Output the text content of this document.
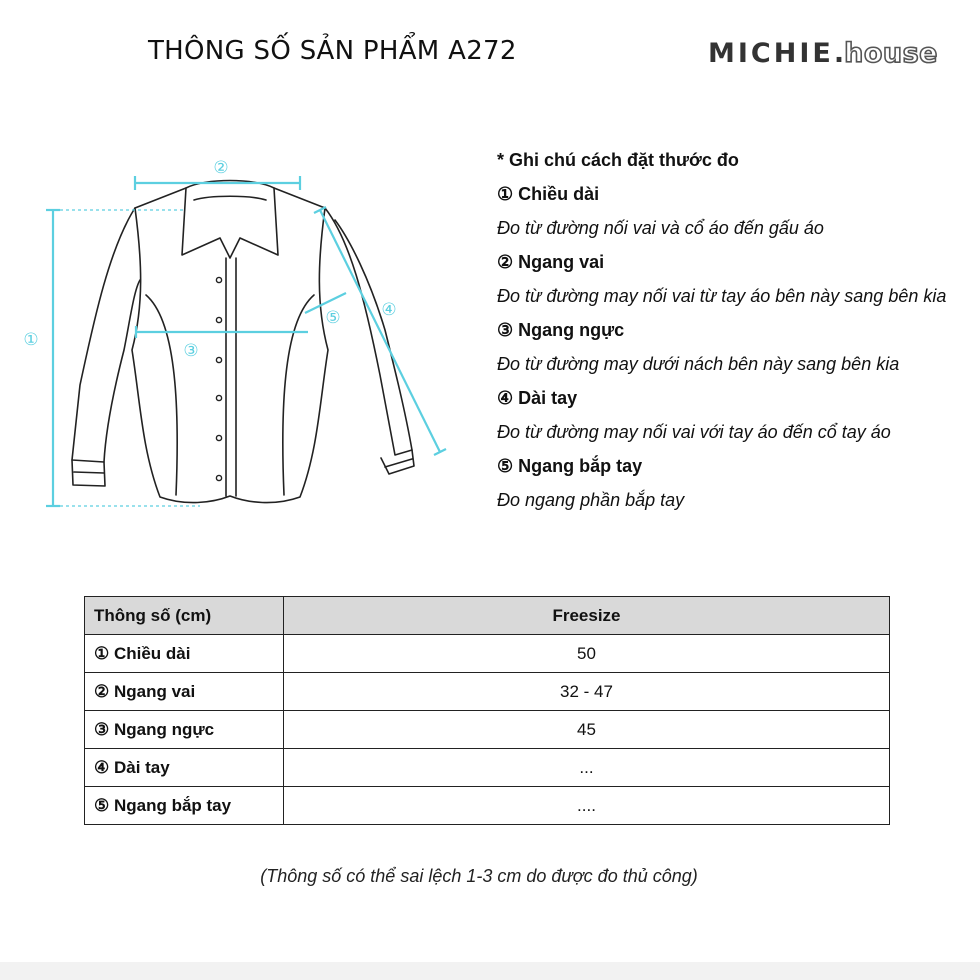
THÔNG SỐ SẢN PHẨM A272	MICHIE.house
①
②
③
④
⑤
* Ghi chú cách đặt thước đo
① Chiều dài
Đo từ đường nối vai và cổ áo đến gấu áo
② Ngang vai
Đo từ đường may nối vai từ tay áo bên này sang bên kia
③ Ngang ngực
Đo từ đường may dưới nách bên này sang bên kia
④ Dài tay
Đo từ đường may nối vai với tay áo đến cổ tay áo
⑤ Ngang bắp tay
Đo ngang phần bắp tay
Thông số (cm)	Freesize
① Chiều dài	50
② Ngang vai	32 - 47
③ Ngang ngực	45
④ Dài tay	...
⑤ Ngang bắp tay	....
(Thông số có thể sai lệch 1-3 cm do được đo thủ công)
